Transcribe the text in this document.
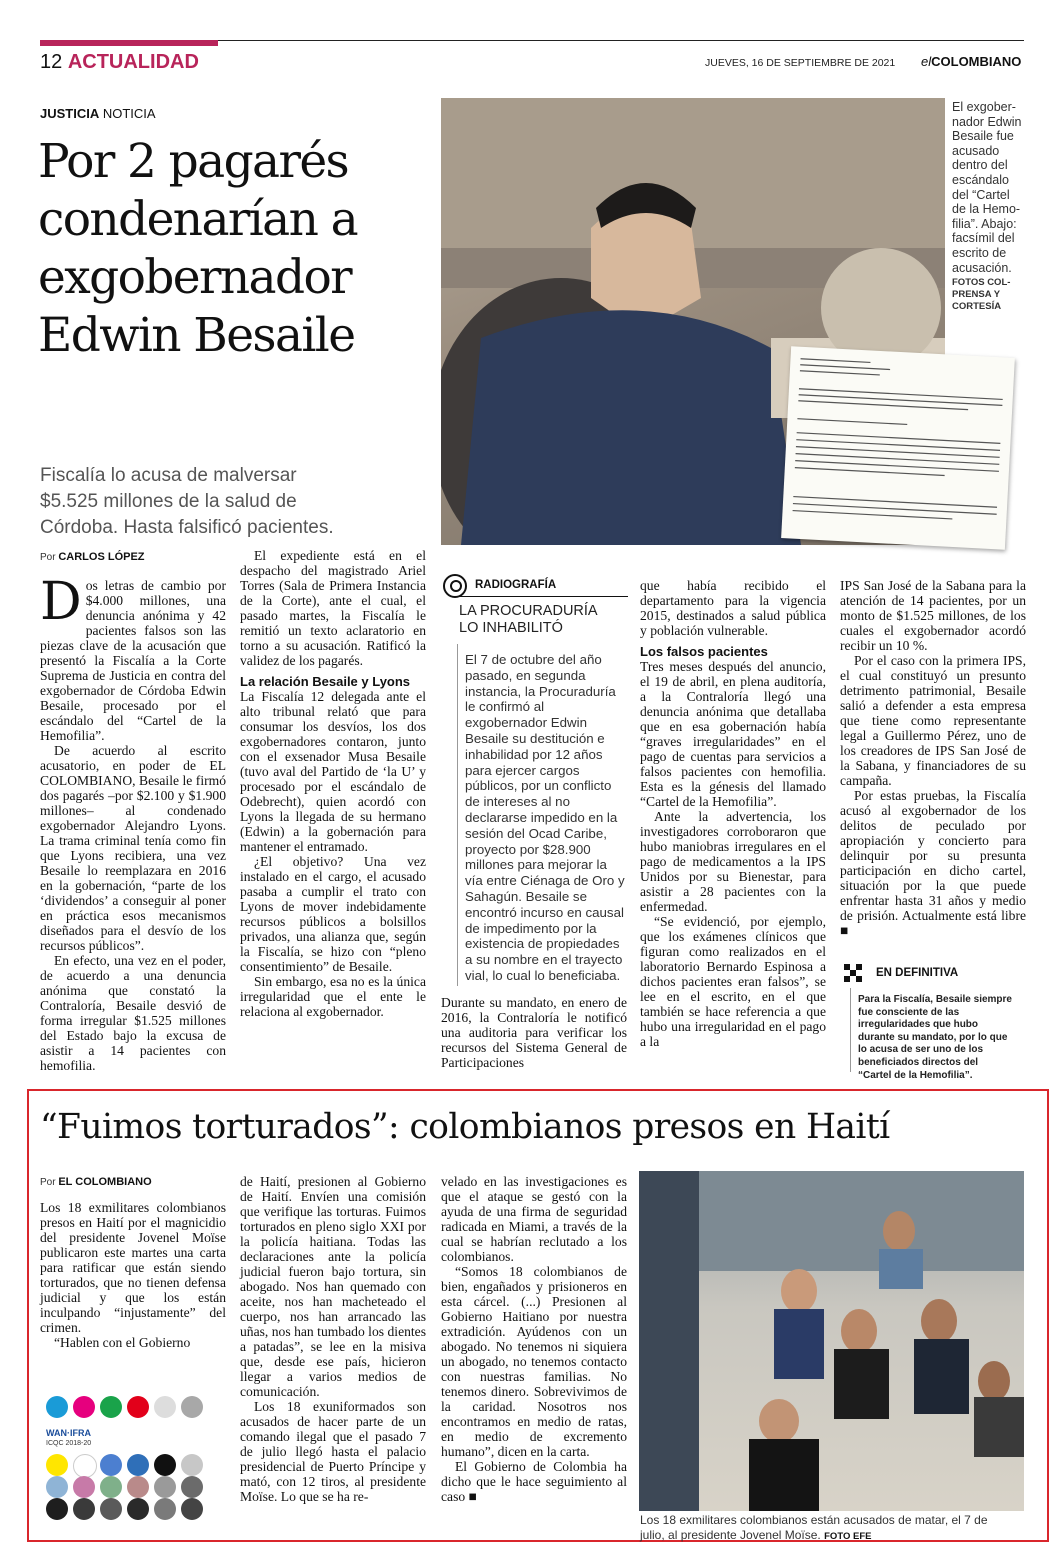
12 ACTUALIDAD	JUEVES, 16 DE SEPTIEMBRE DE 2021 elCOLOMBIANO
JUSTICIA NOTICIA
Por 2 pagarés
condenarían a
exgobernador
Edwin Besaile
Fiscalía lo acusa de malversar
$5.525 millones de la salud de
Córdoba. Hasta falsificó pacientes.
El exgober-
nador Edwin
Besaile fue
acusado
dentro del
escándalo
del “Cartel
de la Hemo-
filia”. Abajo:
facsímil del
escrito de
acusación.
FOTOS COL-
PRENSA Y
CORTESÍA
Por CARLOS LÓPEZ

Dos letras de cambio por $4.000 millones, una denuncia anónima y 42 pacientes falsos son las piezas clave de la acusación que presentó la Fiscalía a la Corte Suprema de Justicia en contra del exgobernador de Córdoba Edwin Besaile, procesado por el escándalo del “Cartel de la Hemofilia”.

De acuerdo al escrito acusatorio, en poder de EL COLOMBIANO, Besaile le firmó dos pagarés –por $2.100 y $1.900 millones– al condenado exgobernador Alejandro Lyons. La trama criminal tenía como fin que Lyons recibiera, una vez Besaile lo reemplazara en 2016 en la gobernación, “parte de los ‘dividendos’ a conseguir al poner en práctica esos mecanismos diseñados para el desvío de los recursos públicos”.

En efecto, una vez en el poder, de acuerdo a una denuncia anónima que constató la Contraloría, Besaile desvió de forma irregular $1.525 millones del Estado bajo la excusa de asistir a 14 pacientes con hemofilia.

El expediente está en el despacho del magistrado Ariel Torres (Sala de Primera Instancia de la Corte), ante el cual, el pasado martes, la Fiscalía le remitió un texto aclaratorio en torno a su acusación. Ratificó la validez de los pagarés.

La relación Besaile y Lyons

La Fiscalía 12 delegada ante el alto tribunal relató que para consumar los desvíos, los dos exgobernadores contaron, junto con el exsenador Musa Besaile (tuvo aval del Partido de ‘la U’ y procesado por el escándalo de Odebrecht), quien acordó con Lyons la llegada de su hermano (Edwin) a la gobernación para mantener el entramado.

¿El objetivo? Una vez instalado en el cargo, el acusado pasaba a cumplir el trato con Lyons de mover indebidamente recursos públicos a bolsillos privados, una alianza que, según la Fiscalía, se hizo con “pleno consentimiento” de Besaile.

Sin embargo, esa no es la única irregularidad que el ente le relaciona al exgobernador.

RADIOGRAFÍA
LA PROCURADURÍA
LO INHABILITÓ
El 7 de octubre del año pasado, en segunda instancia, la Procuraduría le confirmó al exgobernador Edwin Besaile su destitución e inhabilidad por 12 años para ejercer cargos públicos, por un conflicto de intereses al no declararse impedido en la sesión del Ocad Caribe, proyecto por $28.900 millones para mejorar la vía entre Ciénaga de Oro y Sahagún. Besaile se encontró incurso en causal de impedimento por la existencia de propiedades a su nombre en el trayecto vial, lo cual lo beneficiaba.

Durante su mandato, en enero de 2016, la Contraloría le notificó una auditoria para verificar los recursos del Sistema General de Participaciones

que había recibido el departamento para la vigencia 2015, destinados a salud pública y población vulnerable.

Los falsos pacientes

Tres meses después del anuncio, el 19 de abril, en plena auditoría, a la Contraloría llegó una denuncia anónima que detallaba que en esa gobernación había “graves irregularidades” en el pago de cuentas para servicios a falsos pacientes con hemofilia. Esta es la génesis del llamado “Cartel de la Hemofilia”.

Ante la advertencia, los investigadores corroboraron que hubo maniobras irregulares en el pago de medicamentos a la IPS Unidos por su Bienestar, para asistir a 28 pacientes con la enfermedad.

“Se evidenció, por ejemplo, que los exámenes clínicos que figuran como realizados en el laboratorio Bernardo Espinosa a dichos pacientes eran falsos”, se lee en el escrito, en el que también se hace referencia a que hubo una irregularidad en el pago a la

IPS San José de la Sabana para la atención de 14 pacientes, por un monto de $1.525 millones, de los cuales el exgobernador acordó recibir un 10 %.

Por el caso con la primera IPS, el cual constituyó un presunto detrimento patrimonial, Besaile salió a defender a esta empresa que tiene como representante legal a Guillermo Pérez, uno de los creadores de IPS San José de la Sabana, y financiadores de su campaña.

Por estas pruebas, la Fiscalía acusó al exgobernador de los delitos de peculado por apropiación y concierto para delinquir por su presunta participación en dicho cartel, situación por la que puede enfrentar hasta 31 años y medio de prisión. Actualmente está libre ■

EN DEFINITIVA
Para la Fiscalía, Besaile siempre fue consciente de las irregularidades que hubo durante su mandato, por lo que lo acusa de ser uno de los beneficiados directos del “Cartel de la Hemofilia”.
“Fuimos torturados”: colombianos presos en Haití
Por EL COLOMBIANO

Los 18 exmilitares colombianos presos en Haití por el magnicidio del presidente Jovenel Moïse publicaron este martes una carta para ratificar que están siendo torturados, que no tienen defensa judicial y que los están inculpando “injustamente” del crimen.

“Hablen con el Gobierno

WAN·IFRA
ICQC 2018-20

de Haití, presionen al Gobierno de Haití. Envíen una comisión que verifique las torturas. Fuimos torturados en pleno siglo XXI por la policía haitiana. Todas las declaraciones ante la policía judicial fueron bajo tortura, sin abogado. Nos han quemado con aceite, nos han macheteado el cuerpo, nos han arrancado las uñas, nos han tumbado los dientes a patadas”, se lee en la misiva que, desde ese país, hicieron llegar a varios medios de comunicación.

Los 18 exuniformados son acusados de hacer parte de un comando ilegal que el pasado 7 de julio llegó hasta el palacio presidencial de Puerto Príncipe y mató, con 12 tiros, al presidente Moïse. Lo que se ha re-

velado en las investigaciones es que el ataque se gestó con la ayuda de una firma de seguridad radicada en Miami, a través de la cual se habrían reclutado a los colombianos.

“Somos 18 colombianos de bien, engañados y prisioneros en esta cárcel. (...) Presionen al Gobierno Haitiano por nuestra extradición. Ayúdenos con un abogado. No tenemos ni siquiera un abogado, no tenemos contacto con nuestras familias. No tenemos dinero. Sobrevivimos de la caridad. Nosotros nos encontramos en medio de ratas, en medio de excremento humano”, dicen en la carta.

El Gobierno de Colombia ha dicho que le hace seguimiento al caso ■

Los 18 exmilitares colombianos están acusados de matar, el 7 de
julio, al presidente Jovenel Moïse. FOTO EFE
